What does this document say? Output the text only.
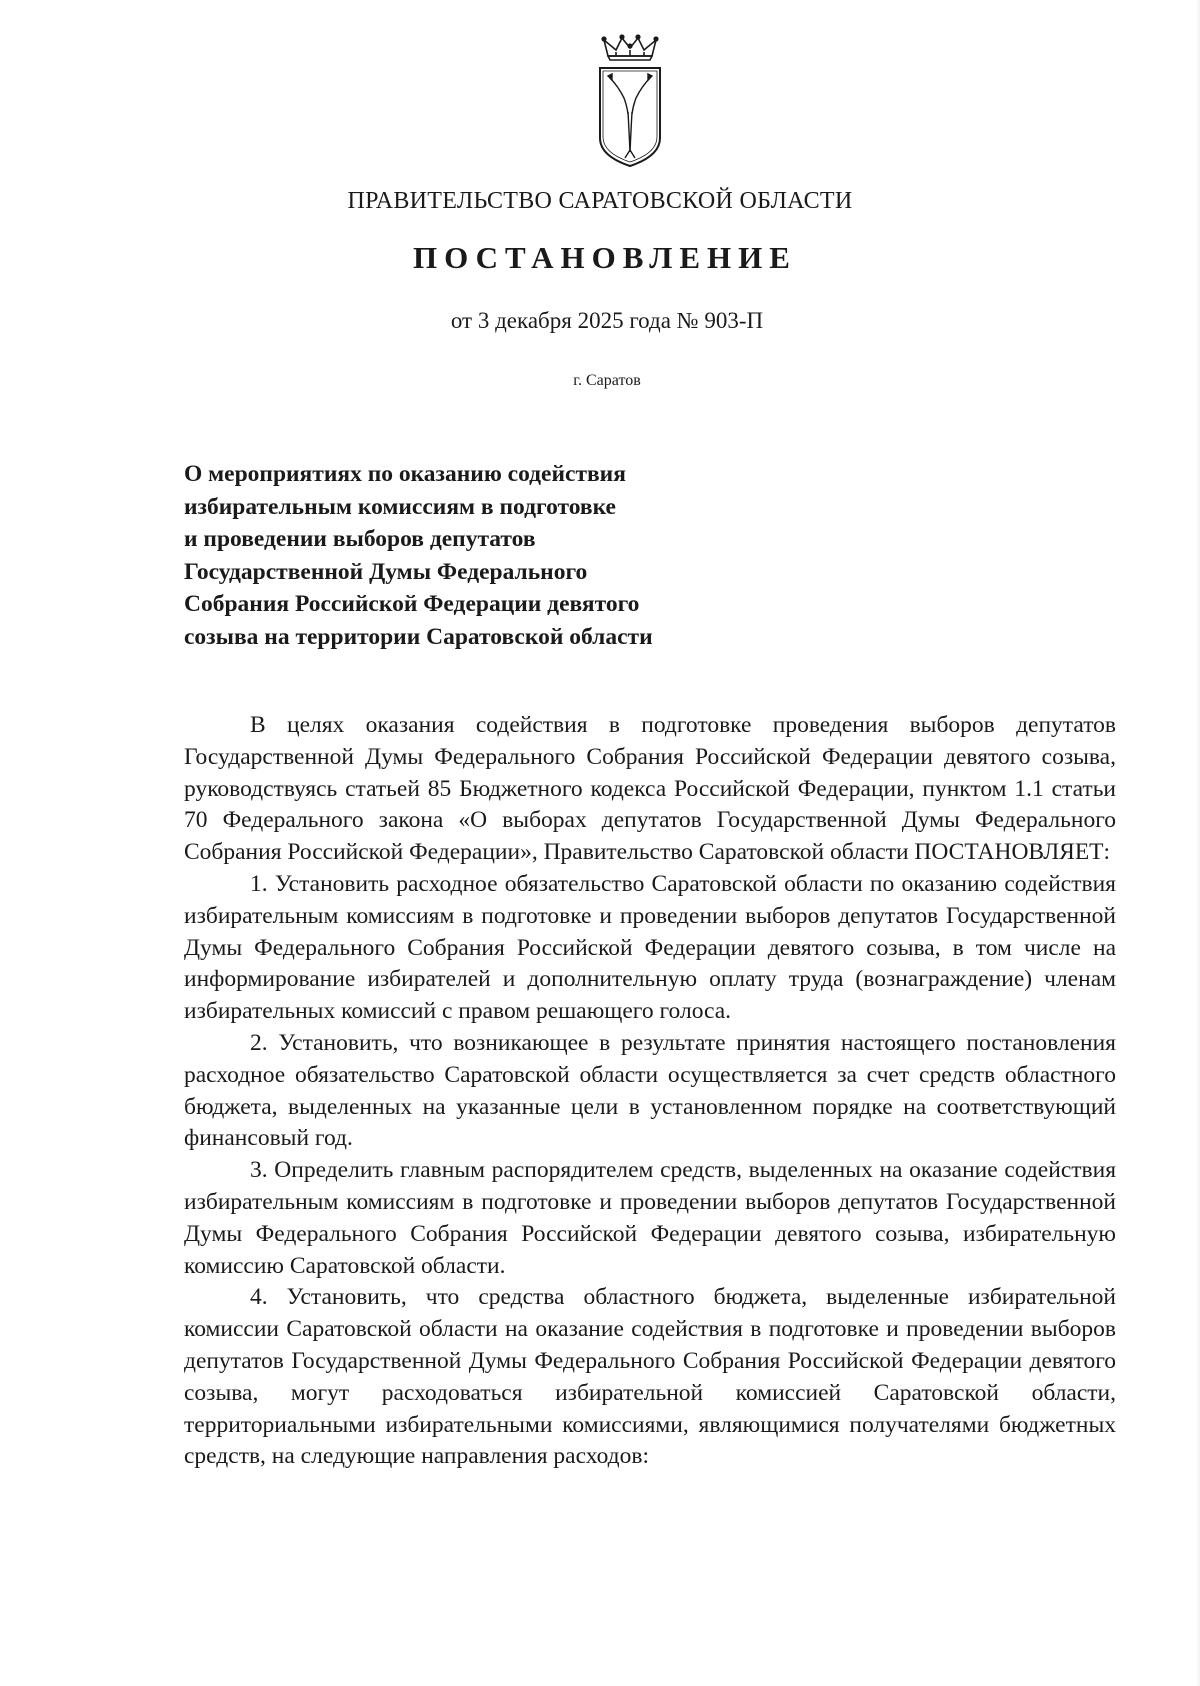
ПРАВИТЕЛЬСТВО САРАТОВСКОЙ ОБЛАСТИ
ПОСТАНОВЛЕНИЕ
от 3 декабря 2025 года № 903-П
г. Саратов
О мероприятиях по оказанию содействия
избирательным комиссиям в подготовке
и проведении выборов депутатов
Государственной Думы Федерального
Собрания Российской Федерации девятого
созыва на территории Саратовской области

В целях оказания содействия в подготовке проведения выборов депутатов Государственной Думы Федерального Собрания Российской Федерации девятого созыва, руководствуясь статьей 85 Бюджетного кодекса Российской Федерации, пунктом 1.1 статьи 70 Федерального закона «О выборах депутатов Государственной Думы Федерального Собрания Российской Федерации», Правительство Саратовской области ПОСТАНОВЛЯЕТ:

1. Установить расходное обязательство Саратовской области по оказанию содействия избирательным комиссиям в подготовке и проведении выборов депутатов Государственной Думы Федерального Собрания Российской Федерации девятого созыва, в том числе на информирование избирателей и дополнительную оплату труда (вознаграждение) членам избирательных комиссий с правом решающего голоса.

2. Установить, что возникающее в результате принятия настоящего постановления расходное обязательство Саратовской области осуществляется за счет средств областного бюджета, выделенных на указанные цели в установленном порядке на соответствующий финансовый год.

3. Определить главным распорядителем средств, выделенных на оказание содействия избирательным комиссиям в подготовке и проведении выборов депутатов Государственной Думы Федерального Собрания Российской Федерации девятого созыва, избирательную комиссию Саратовской области.

4. Установить, что средства областного бюджета, выделенные избирательной комиссии Саратовской области на оказание содействия в подготовке и проведении выборов депутатов Государственной Думы Федерального Собрания Российской Федерации девятого созыва, могут расходоваться избирательной комиссией Саратовской области, территориальными избирательными комиссиями, являющимися получателями бюджетных средств, на следующие направления расходов:
